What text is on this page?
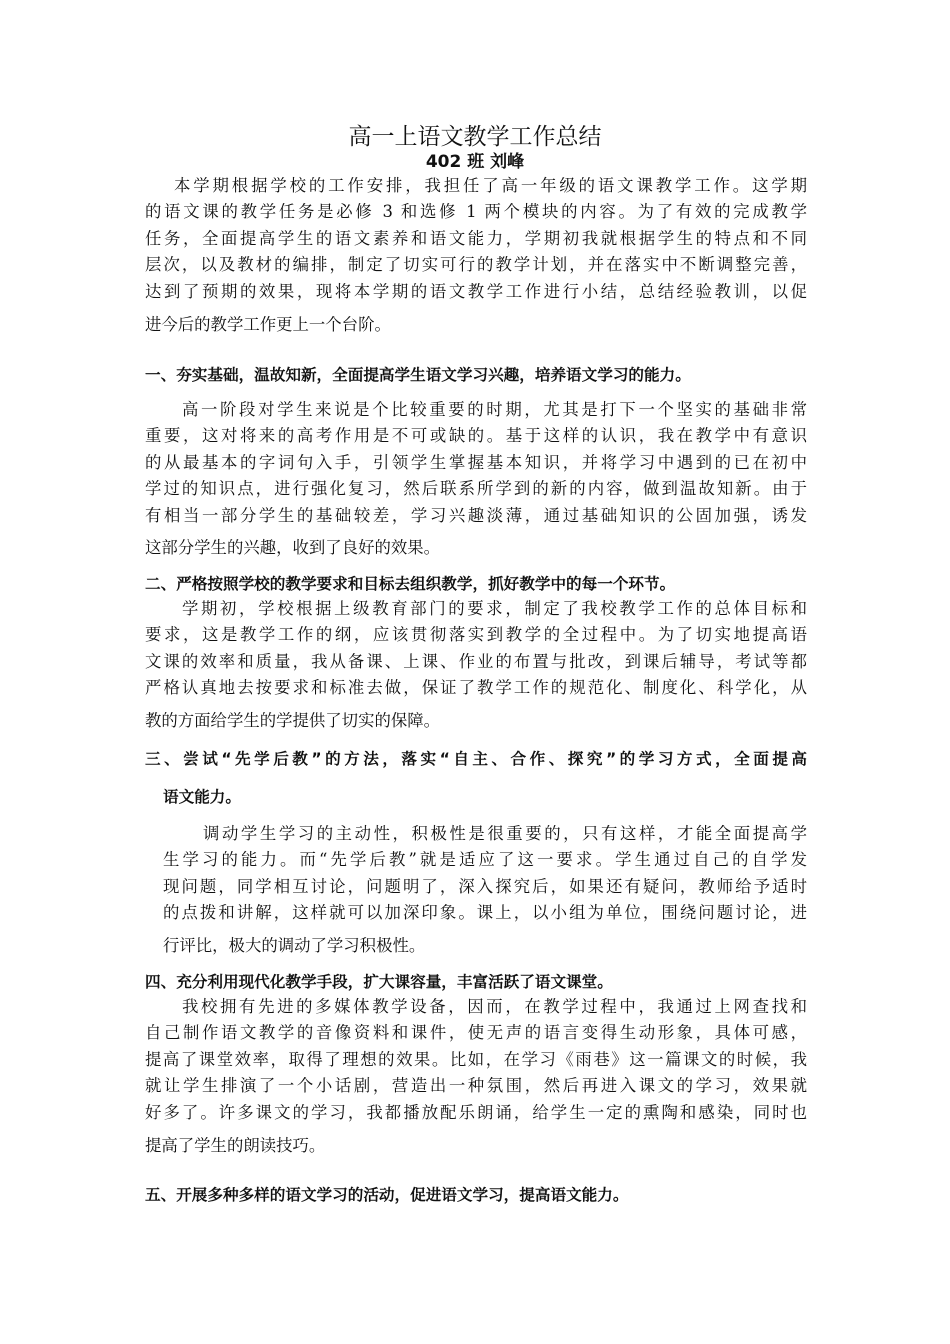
高一上语文教学工作总结
402 班 刘峰
本学期根据学校的工作安排，我担任了高一年级的语文课教学工作。这学期
的语文课的教学任务是必修 3 和选修 1 两个模块的内容。为了有效的完成教学
任务，全面提高学生的语文素养和语文能力，学期初我就根据学生的特点和不同
层次，以及教材的编排，制定了切实可行的教学计划，并在落实中不断调整完善，
达到了预期的效果，现将本学期的语文教学工作进行小结，总结经验教训，以促
进今后的教学工作更上一个台阶。
一、夯实基础，温故知新，全面提高学生语文学习兴趣，培养语文学习的能力。
高一阶段对学生来说是个比较重要的时期，尤其是打下一个坚实的基础非常
重要，这对将来的高考作用是不可或缺的。基于这样的认识，我在教学中有意识
的从最基本的字词句入手，引领学生掌握基本知识，并将学习中遇到的已在初中
学过的知识点，进行强化复习，然后联系所学到的新的内容，做到温故知新。由于
有相当一部分学生的基础较差，学习兴趣淡薄，通过基础知识的公固加强，诱发
这部分学生的兴趣，收到了良好的效果。
二、严格按照学校的教学要求和目标去组织教学，抓好教学中的每一个环节。
学期初，学校根据上级教育部门的要求，制定了我校教学工作的总体目标和
要求，这是教学工作的纲，应该贯彻落实到教学的全过程中。为了切实地提高语
文课的效率和质量，我从备课、上课、作业的布置与批改，到课后辅导，考试等都
严格认真地去按要求和标准去做，保证了教学工作的规范化、制度化、科学化，从
教的方面给学生的学提供了切实的保障。
三、尝试“先学后教”的方法，落实“自主、合作、探究”的学习方式，全面提高
语文能力。
调动学生学习的主动性，积极性是很重要的，只有这样，才能全面提高学
生学习的能力。而“先学后教”就是适应了这一要求。学生通过自己的自学发
现问题，同学相互讨论，问题明了，深入探究后，如果还有疑问，教师给予适时
的点拨和讲解，这样就可以加深印象。课上，以小组为单位，围绕问题讨论，进
行评比，极大的调动了学习积极性。
四、充分利用现代化教学手段，扩大课容量，丰富活跃了语文课堂。
我校拥有先进的多媒体教学设备，因而，在教学过程中，我通过上网查找和
自己制作语文教学的音像资料和课件，使无声的语言变得生动形象，具体可感，
提高了课堂效率，取得了理想的效果。比如，在学习《雨巷》这一篇课文的时候，我
就让学生排演了一个小话剧，营造出一种氛围，然后再进入课文的学习，效果就
好多了。许多课文的学习，我都播放配乐朗诵，给学生一定的熏陶和感染，同时也
提高了学生的朗读技巧。
五、开展多种多样的语文学习的活动，促进语文学习，提高语文能力。
